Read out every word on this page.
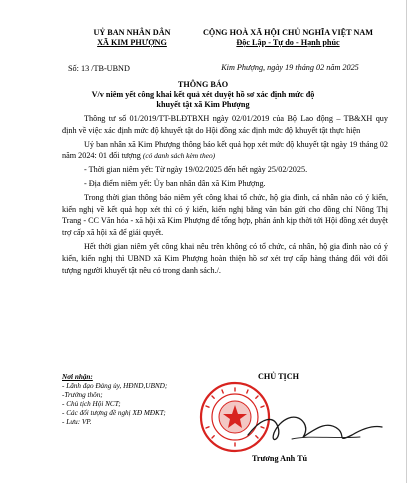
UỶ BAN NHÂN DÂN
XÃ KIM PHƯỢNG
CỘNG HOÀ XÃ HỘI CHỦ NGHĨA VIỆT NAM
Độc Lập - Tự do - Hạnh phúc
Số: 13 /TB-UBND	Kim Phượng, ngày 19 tháng 02 năm 2025
THÔNG BÁO
V/v niêm yết công khai kết quả xét duyệt hồ sơ xác định mức độ
khuyết tật xã Kim Phượng

Thông tư số 01/2019/TT-BLĐTBXH ngày 02/01/2019 của Bộ Lao động – TB&XH quy định về việc xác định mức độ khuyết tật do Hội đồng xác định mức độ khuyết tật thực hiện

Uỷ ban nhân xã Kim Phượng thông báo kết quả họp xét mức độ khuyết tật ngày 19 tháng 02 năm 2024: 01 đối tượng (có danh sách kèm theo)

- Thời gian niêm yết: Từ ngày 19/02/2025 đến hết ngày 25/02/2025.

- Địa điểm niêm yết: Ủy ban nhân dân xã Kim Phượng.

Trong thời gian thông báo niêm yết công khai tổ chức, hộ gia đình, cá nhân nào có ý kiến, kiến nghị về kết quả họp xét thì có ý kiến, kiến nghị bằng văn bản gửi cho đồng chí Nông Thị Trang - CC Văn hóa - xã hội xã Kim Phượng để tổng hợp, phản ánh kịp thời tới Hội đồng xét duyệt trợ cấp xã hội xã để giải quyết.

Hết thời gian niêm yết công khai nêu trên không có tổ chức, cá nhân, hộ gia đình nào có ý kiến, kiến nghị thì UBND xã Kim Phượng hoàn thiện hồ sơ xét trợ cấp hàng tháng đối với đối tượng người khuyết tật nêu có trong danh sách./.

Nơi nhận:
- Lãnh đạo Đảng ủy, HĐND,UBND;
-Trưởng thôn;
- Chủ tịch Hội NCT;
- Các đối tượng đề nghị XĐ MĐKT;
- Lưu: VP.
CHỦ TỊCH
Trương Anh Tú
